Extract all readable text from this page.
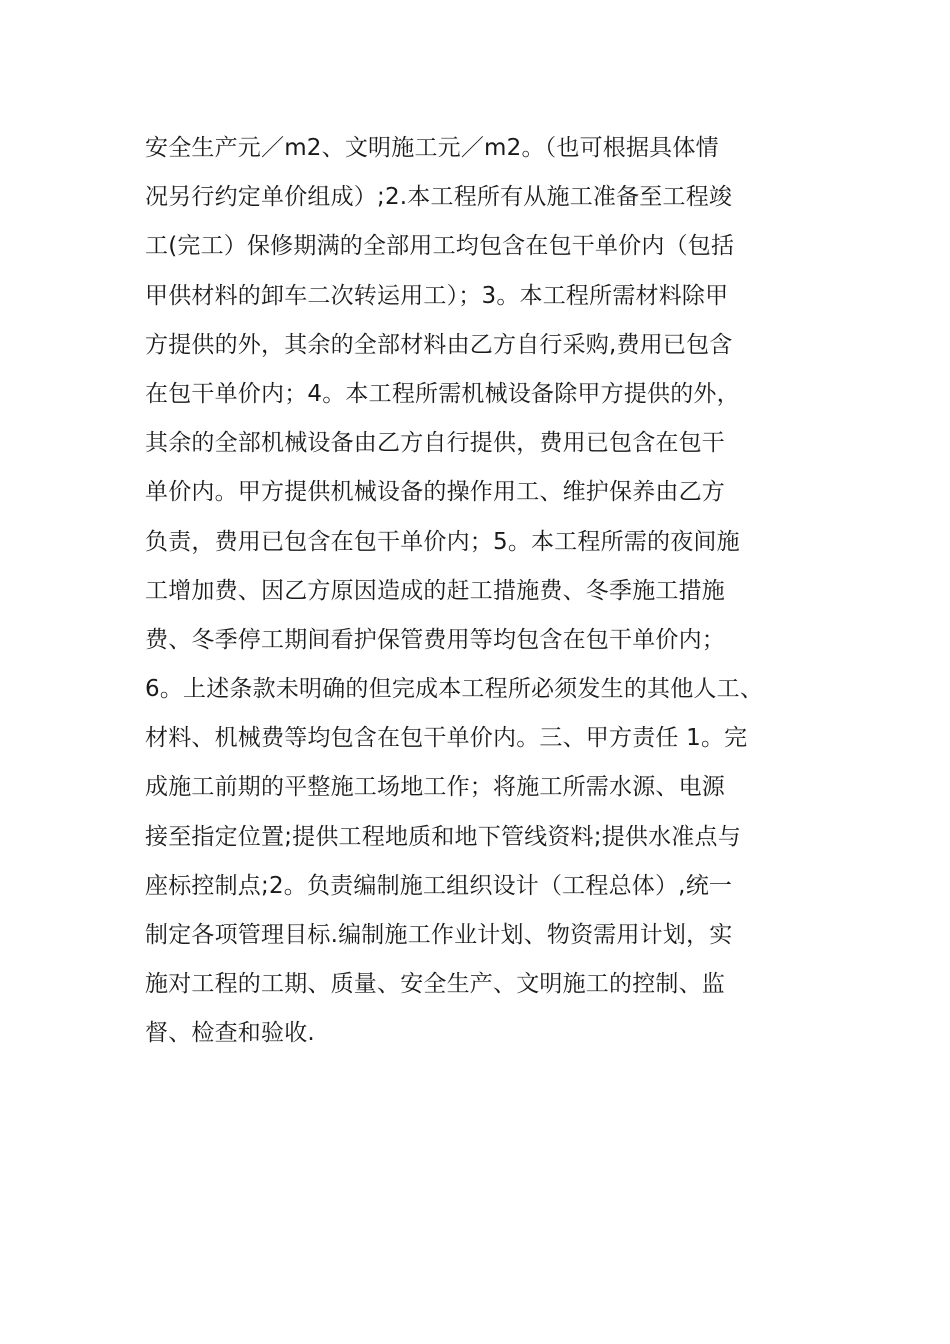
安全生产元／m2、文明施工元／m2。（也可根据具体情
况另行约定单价组成）;2.本工程所有从施工准备至工程竣
工(完工）保修期满的全部用工均包含在包干单价内（包括
甲供材料的卸车二次转运用工）；3。本工程所需材料除甲
方提供的外，其余的全部材料由乙方自行采购,费用已包含
在包干单价内；4。本工程所需机械设备除甲方提供的外，
其余的全部机械设备由乙方自行提供，费用已包含在包干
单价内。甲方提供机械设备的操作用工、维护保养由乙方
负责，费用已包含在包干单价内；5。本工程所需的夜间施
工增加费、因乙方原因造成的赶工措施费、冬季施工措施
费、冬季停工期间看护保管费用等均包含在包干单价内；
6。上述条款未明确的但完成本工程所必须发生的其他人工、
材料、机械费等均包含在包干单价内。三、甲方责任 1。完
成施工前期的平整施工场地工作；将施工所需水源、电源
接至指定位置;提供工程地质和地下管线资料;提供水准点与
座标控制点;2。负责编制施工组织设计（工程总体）,统一
制定各项管理目标.编制施工作业计划、物资需用计划，实
施对工程的工期、质量、安全生产、文明施工的控制、监
督、检查和验收.
